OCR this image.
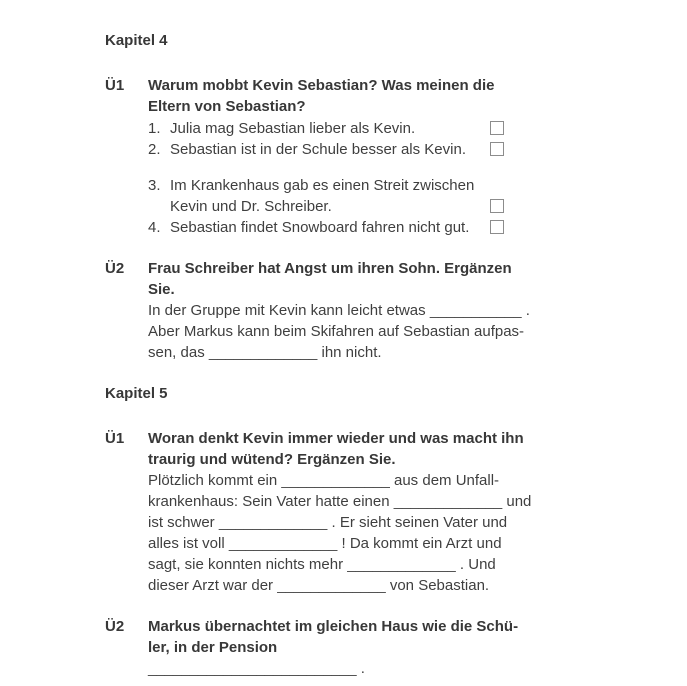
Kapitel 4
Ü1	Warum mobbt Kevin Sebastian? Was meinen die
Eltern von Sebastian?
1. Julia mag Sebastian lieber als Kevin.
2. Sebastian ist in der Schule besser als Kevin.
3. Im Krankenhaus gab es einen Streit zwischen
Kevin und Dr. Schreiber.
4. Sebastian findet Snowboard fahren nicht gut.
Ü2	Frau Schreiber hat Angst um ihren Sohn. Ergänzen
Sie.
In der Gruppe mit Kevin kann leicht etwas ___________ .
Aber Markus kann beim Skifahren auf Sebastian aufpas-
sen, das _____________ ihn nicht.
Kapitel 5
Ü1	Woran denkt Kevin immer wieder und was macht ihn
traurig und wütend? Ergänzen Sie.
Plötzlich kommt ein _____________ aus dem Unfall-
krankenhaus: Sein Vater hatte einen _____________ und
ist schwer _____________ . Er sieht seinen Vater und
alles ist voll _____________ ! Da kommt ein Arzt und
sagt, sie konnten nichts mehr _____________ . Und
dieser Arzt war der _____________ von Sebastian.
Ü2	Markus übernachtet im gleichen Haus wie die Schü-
ler, in der Pension
_________________________ .
